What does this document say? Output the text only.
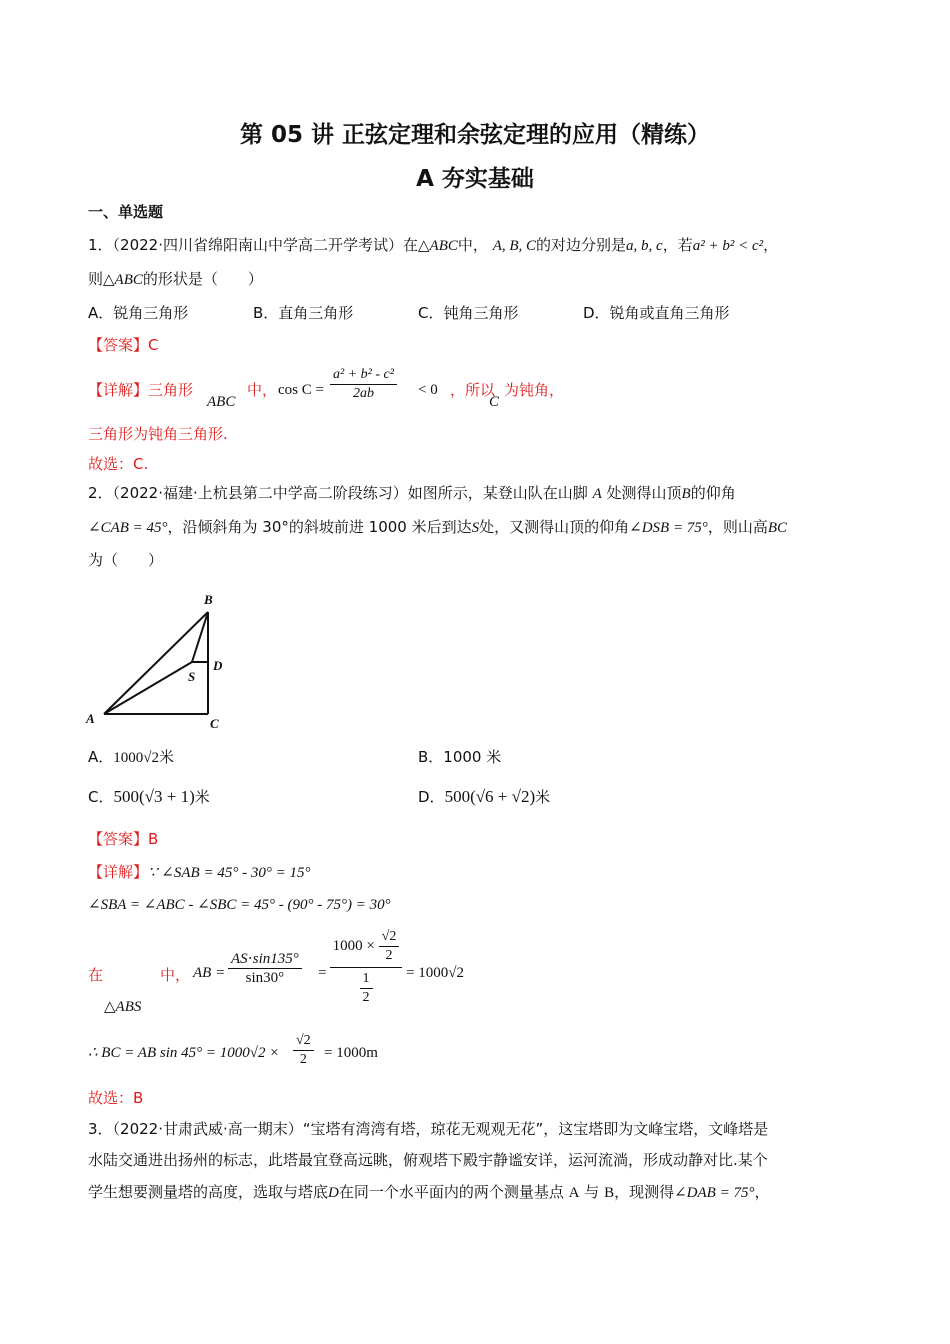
第 05 讲 正弦定理和余弦定理的应用（精练）
A 夯实基础
一、单选题
1．（2022·四川省绵阳南山中学高二开学考试）在△ABC中， A, B, C的对边分别是a, b, c，若a² + b² < c²，
则△ABC的形状是（　　）
A．锐角三角形	B．直角三角形	C．钝角三角形	D．锐角或直角三角形
【答案】C
【详解】三角形
ABC
中， $\cos C = \frac{\text{a² + b² - c²}}{2ab} < 0$ ，所以
C
为钝角，
三角形为钝角三角形.
故选：C.
2．（2022·福建·上杭县第二中学高二阶段练习）如图所示，某登山队在山脚 A 处测得山顶B的仰角
∠CAB = 45°，沿倾斜角为 30°的斜坡前进 1000 米后到达S处，又测得山顶的仰角∠DSB = 75°，则山高BC
为（　　）
B
D
S
A	C
A．1000√2米	B．1000 米
C．500(√3 + 1)米	D．500(√6 + √2)米
【答案】B
【详解】∵ ∠SAB = 45° - 30° = 15°
∠SBA = ∠ABC - ∠SBC = 45° - (90° - 75°) = 30°
在	中，
△ABS
AB = $\frac{AS\cdot\sin 135^\circ}{\sin 30^\circ}$ =
$1000 \times \frac{√2}{2}$
$\frac{1}{2} = 1000√2$
∴ BC = AB $\sin 45^\circ = 1000√2 \times \frac{√2}{2} = 1000m$
故选：B
3．（2022·甘肃武威·高一期末）“宝塔有湾湾有塔，琼花无观观无花”，这宝塔即为文峰宝塔，文峰塔是
水陆交通进出扬州的标志，此塔最宜登高远眺，俯观塔下殿宇静谧安详，运河流淌，形成动静对比.某个
学生想要测量塔的高度，选取与塔底D在同一个水平面内的两个测量基点 A 与 B，现测得∠DAB = 75°，
